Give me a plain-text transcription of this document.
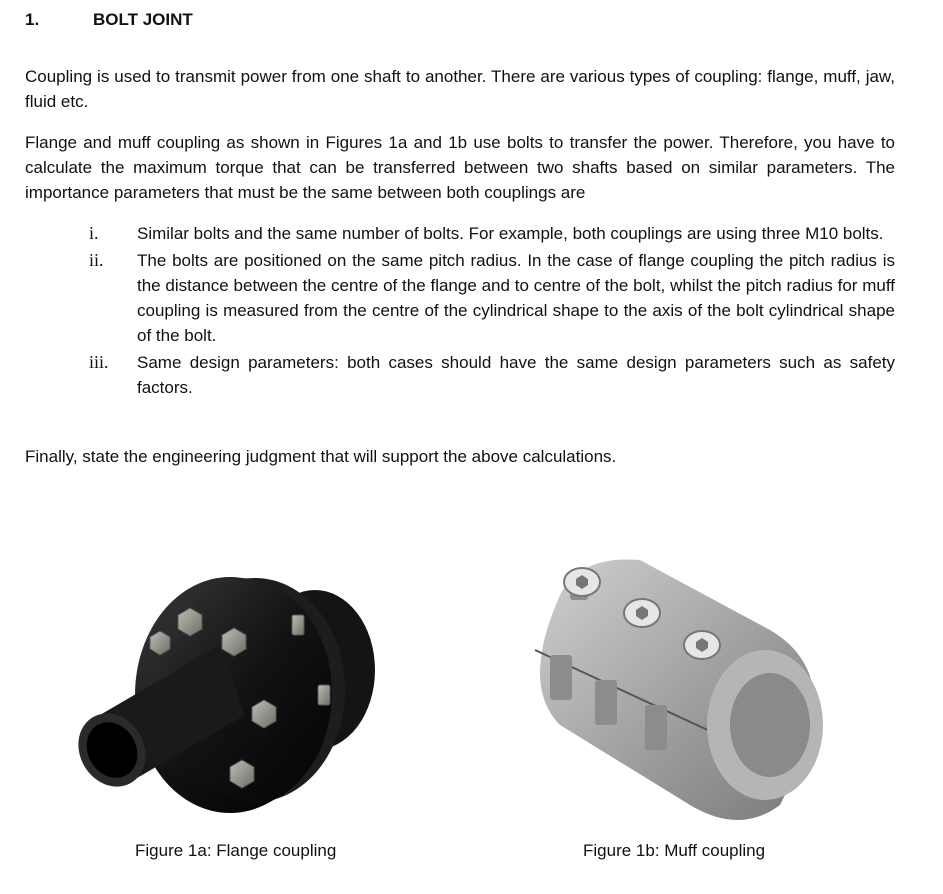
1.	BOLT JOINT
Coupling is used to transmit power from one shaft to another. There are various types of coupling: flange, muff, jaw, fluid etc.
Flange and muff coupling as shown in Figures 1a and 1b use bolts to transfer the power. Therefore, you have to calculate the maximum torque that can be transferred between two shafts based on similar parameters. The importance parameters that must be the same between both couplings are
i.	Similar bolts and the same number of bolts. For example, both couplings are using three M10 bolts.
ii.	The bolts are positioned on the same pitch radius. In the case of flange coupling the pitch radius is the distance between the centre of the flange and to centre of the bolt, whilst the pitch radius for muff coupling is measured from the centre of the cylindrical shape to the axis of the bolt cylindrical shape of the bolt.
iii.	Same design parameters: both cases should have the same design parameters such as safety factors.
Finally, state the engineering judgment that will support the above calculations.
Figure 1a: Flange coupling	Figure 1b: Muff coupling
